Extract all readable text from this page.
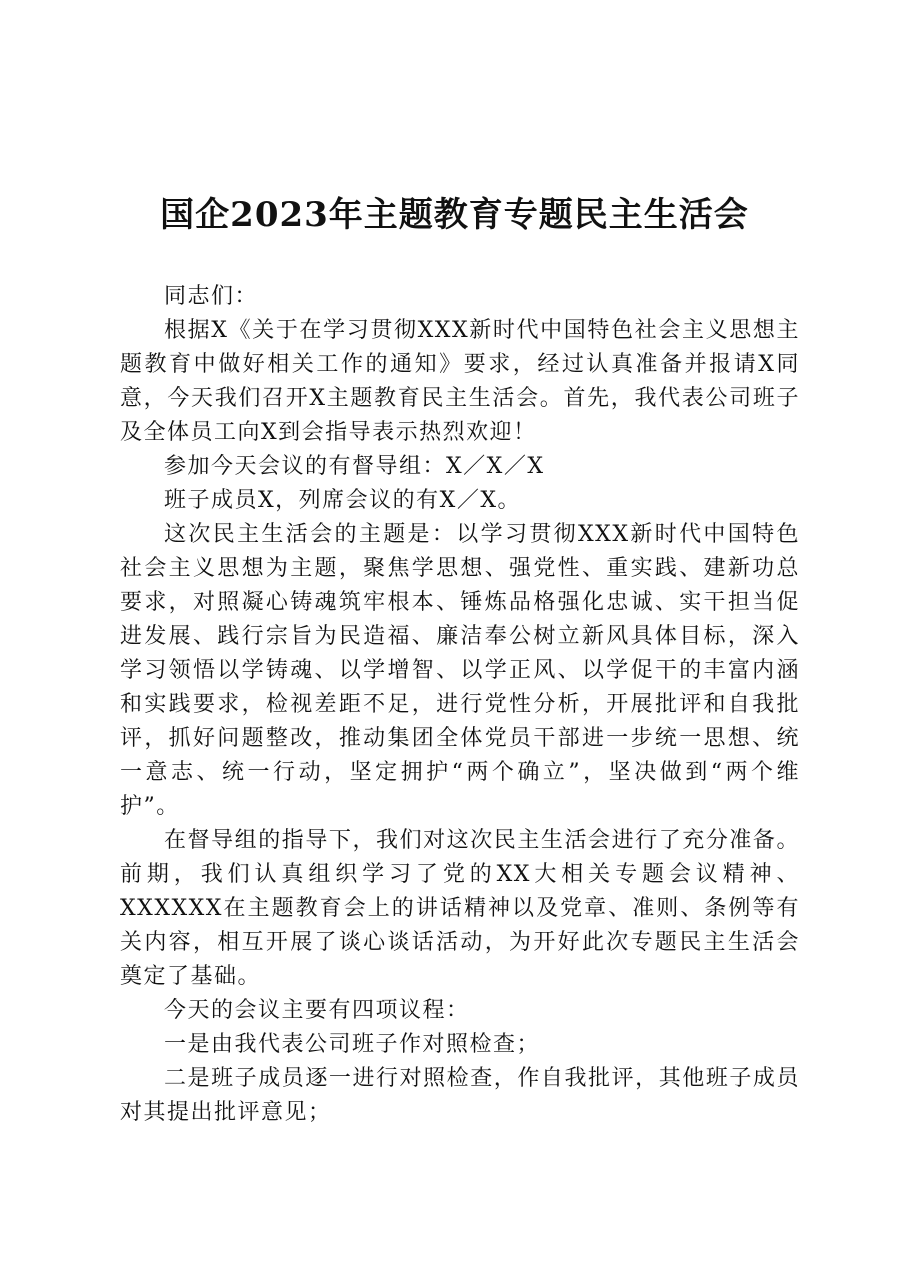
国企2023年主题教育专题民主生活会

同志们：

根据X《关于在学习贯彻XXX新时代中国特色社会主义思想主题教育中做好相关工作的通知》要求，经过认真准备并报请X同意，今天我们召开X主题教育民主生活会。首先，我代表公司班子及全体员工向X到会指导表示热烈欢迎！

参加今天会议的有督导组：X／X／X

班子成员X，列席会议的有X／X。

这次民主生活会的主题是：以学习贯彻XXX新时代中国特色社会主义思想为主题，聚焦学思想、强党性、重实践、建新功总要求，对照凝心铸魂筑牢根本、锤炼品格强化忠诚、实干担当促进发展、践行宗旨为民造福、廉洁奉公树立新风具体目标，深入学习领悟以学铸魂、以学增智、以学正风、以学促干的丰富内涵和实践要求，检视差距不足，进行党性分析，开展批评和自我批评，抓好问题整改，推动集团全体党员干部进一步统一思想、统一意志、统一行动，坚定拥护“两个确立”，坚决做到“两个维护”。

在督导组的指导下，我们对这次民主生活会进行了充分准备。前期，我们认真组织学习了党的XX大相关专题会议精神、XXXXXX在主题教育会上的讲话精神以及党章、准则、条例等有关内容，相互开展了谈心谈话活动，为开好此次专题民主生活会奠定了基础。

今天的会议主要有四项议程：

一是由我代表公司班子作对照检查；

二是班子成员逐一进行对照检查，作自我批评，其他班子成员对其提出批评意见；
